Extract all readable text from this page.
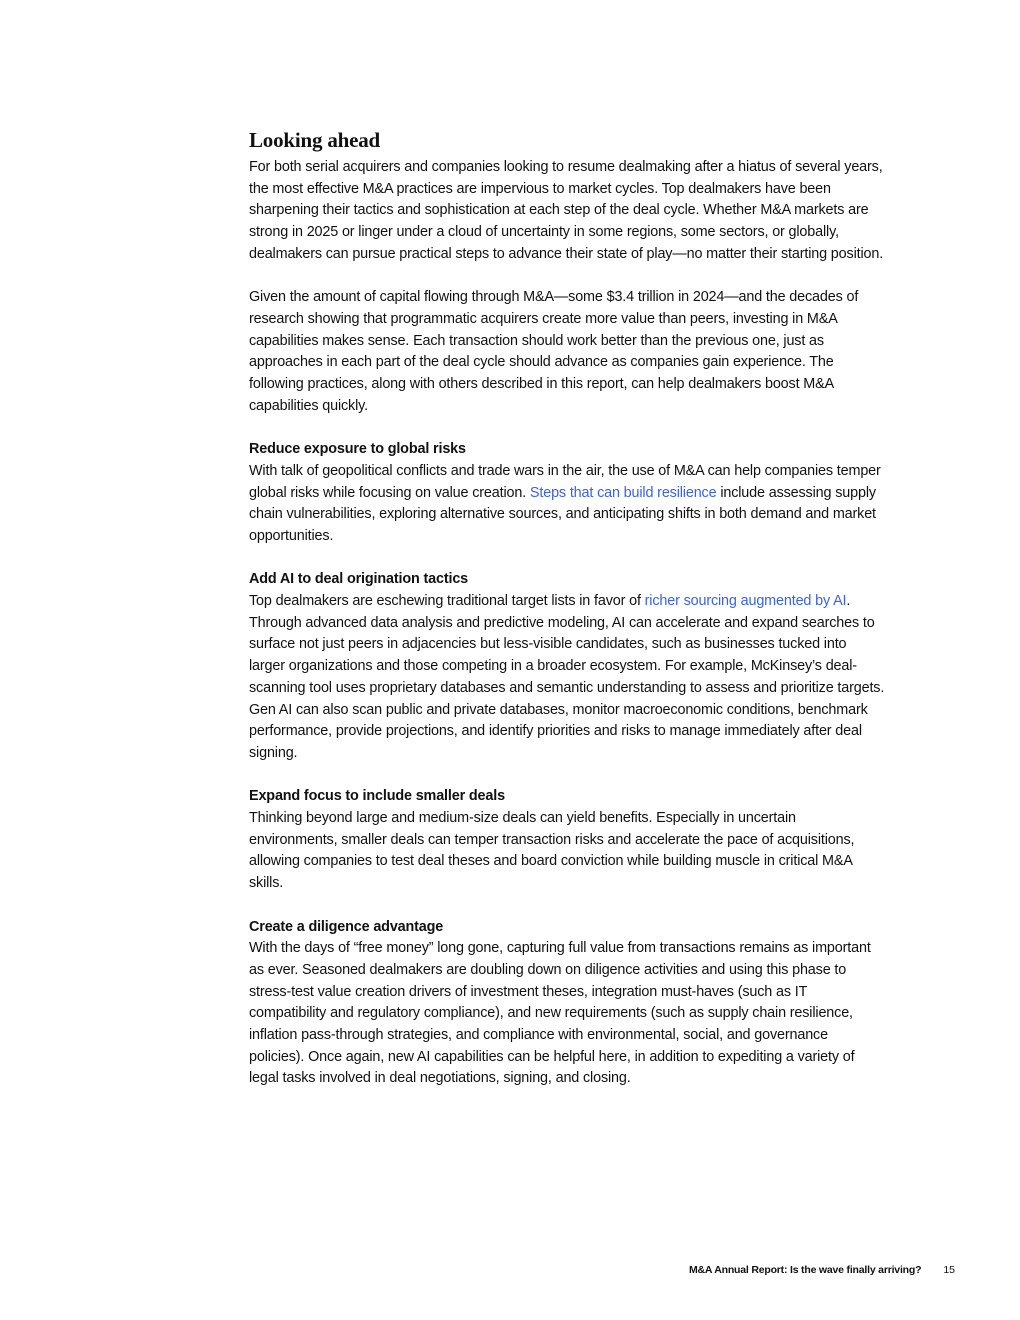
Looking ahead

For both serial acquirers and companies looking to resume dealmaking after a hiatus of several years, the most effective M&A practices are impervious to market cycles. Top dealmakers have been sharpening their tactics and sophistication at each step of the deal cycle. Whether M&A markets are strong in 2025 or linger under a cloud of uncertainty in some regions, some sectors, or globally, dealmakers can pursue practical steps to advance their state of play—no matter their starting position.

Given the amount of capital flowing through M&A—some $3.4 trillion in 2024—and the decades of research showing that programmatic acquirers create more value than peers, investing in M&A capabilities makes sense. Each transaction should work better than the previous one, just as approaches in each part of the deal cycle should advance as companies gain experience. The following practices, along with others described in this report, can help dealmakers boost M&A capabilities quickly.

Reduce exposure to global risks

With talk of geopolitical conflicts and trade wars in the air, the use of M&A can help companies temper global risks while focusing on value creation. Steps that can build resilience include assessing supply chain vulnerabilities, exploring alternative sources, and anticipating shifts in both demand and market opportunities.

Add AI to deal origination tactics

Top dealmakers are eschewing traditional target lists in favor of richer sourcing augmented by AI. Through advanced data analysis and predictive modeling, AI can accelerate and expand searches to surface not just peers in adjacencies but less-visible candidates, such as businesses tucked into larger organizations and those competing in a broader ecosystem. For example, McKinsey’s deal-scanning tool uses proprietary databases and semantic understanding to assess and prioritize targets. Gen AI can also scan public and private databases, monitor macroeconomic conditions, benchmark performance, provide projections, and identify priorities and risks to manage immediately after deal signing.

Expand focus to include smaller deals

Thinking beyond large and medium-size deals can yield benefits. Especially in uncertain environments, smaller deals can temper transaction risks and accelerate the pace of acquisitions, allowing companies to test deal theses and board conviction while building muscle in critical M&A skills.

Create a diligence advantage

With the days of “free money” long gone, capturing full value from transactions remains as important as ever. Seasoned dealmakers are doubling down on diligence activities and using this phase to stress-test value creation drivers of investment theses, integration must-haves (such as IT compatibility and regulatory compliance), and new requirements (such as supply chain resilience, inflation pass-through strategies, and compliance with environmental, social, and governance policies). Once again, new AI capabilities can be helpful here, in addition to expediting a variety of legal tasks involved in deal negotiations, signing, and closing.

M&A Annual Report: Is the wave finally arriving? 15
